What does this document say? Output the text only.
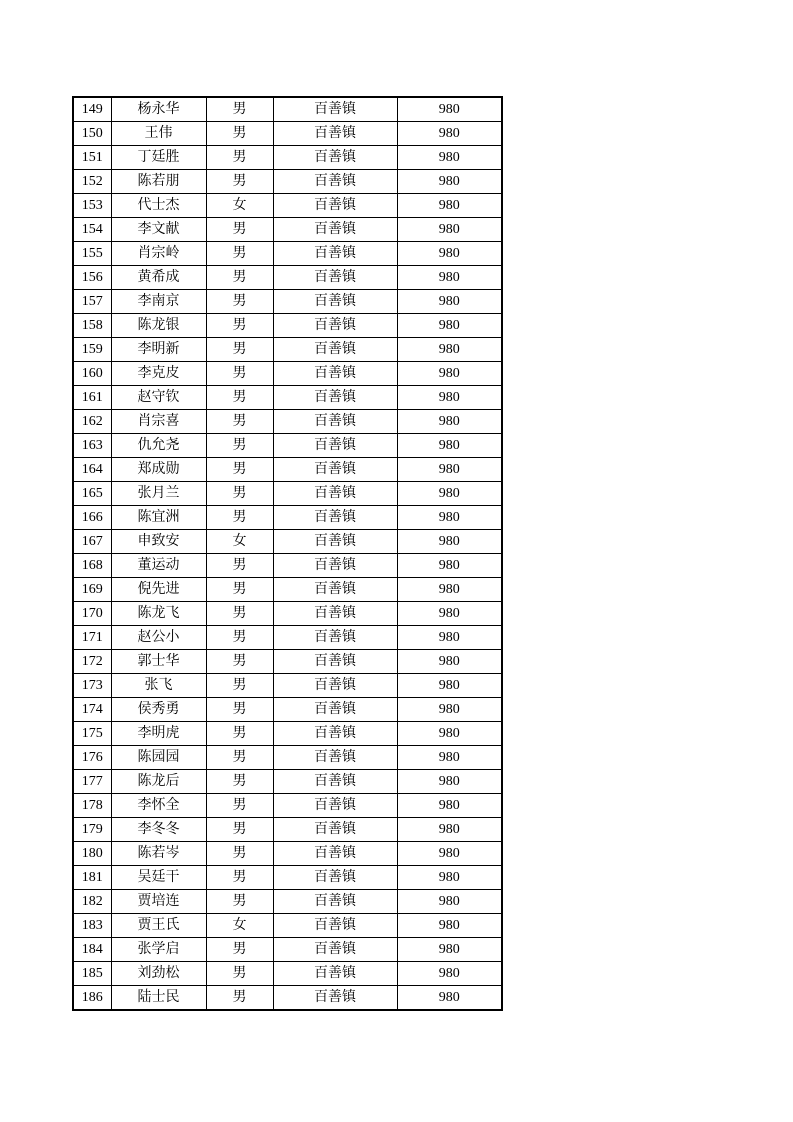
149	杨永华	男	百善镇	980
150	王伟	男	百善镇	980
151	丁廷胜	男	百善镇	980
152	陈若朋	男	百善镇	980
153	代士杰	女	百善镇	980
154	李文献	男	百善镇	980
155	肖宗岭	男	百善镇	980
156	黄希成	男	百善镇	980
157	李南京	男	百善镇	980
158	陈龙银	男	百善镇	980
159	李明新	男	百善镇	980
160	李克皮	男	百善镇	980
161	赵守钦	男	百善镇	980
162	肖宗喜	男	百善镇	980
163	仇允尧	男	百善镇	980
164	郑成勋	男	百善镇	980
165	张月兰	男	百善镇	980
166	陈宜洲	男	百善镇	980
167	申致安	女	百善镇	980
168	董运动	男	百善镇	980
169	倪先进	男	百善镇	980
170	陈龙飞	男	百善镇	980
171	赵公小	男	百善镇	980
172	郭士华	男	百善镇	980
173	张飞	男	百善镇	980
174	侯秀勇	男	百善镇	980
175	李明虎	男	百善镇	980
176	陈园园	男	百善镇	980
177	陈龙后	男	百善镇	980
178	李怀全	男	百善镇	980
179	李冬冬	男	百善镇	980
180	陈若岑	男	百善镇	980
181	吴廷干	男	百善镇	980
182	贾培连	男	百善镇	980
183	贾王氏	女	百善镇	980
184	张学启	男	百善镇	980
185	刘劲松	男	百善镇	980
186	陆士民	男	百善镇	980
